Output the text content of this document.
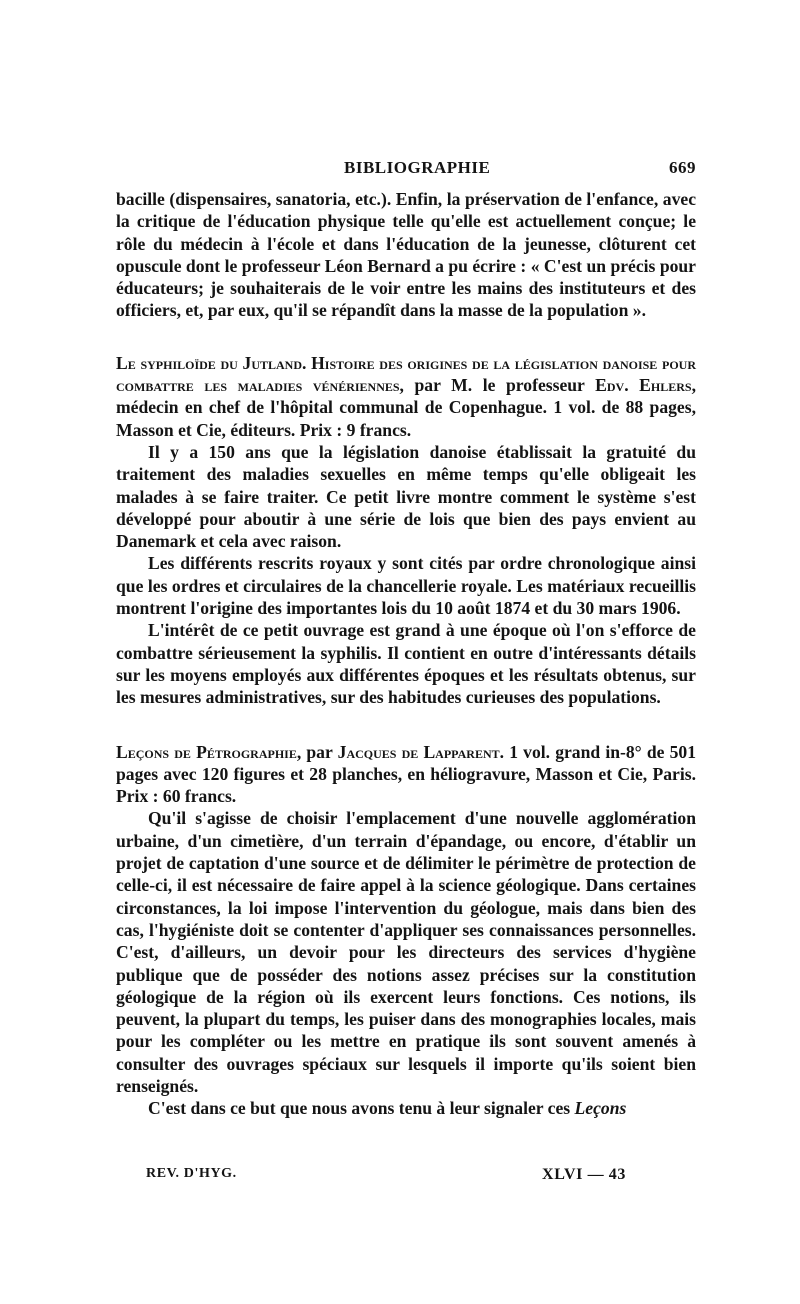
BIBLIOGRAPHIE	669

bacille (dispensaires, sanatoria, etc.). Enfin, la préservation de l'enfance, avec la critique de l'éducation physique telle qu'elle est actuellement conçue; le rôle du médecin à l'école et dans l'éducation de la jeunesse, clôturent cet opuscule dont le professeur Léon Bernard a pu écrire : « C'est un précis pour éducateurs; je souhaiterais de le voir entre les mains des instituteurs et des officiers, et, par eux, qu'il se répandît dans la masse de la population ».

Le syphiloïde du Jutland. Histoire des origines de la législation danoise pour combattre les maladies vénériennes, par M. le professeur Edv. Ehlers, médecin en chef de l'hôpital communal de Copenhague. 1 vol. de 88 pages, Masson et Cie, éditeurs. Prix : 9 francs.

Il y a 150 ans que la législation danoise établissait la gratuité du traitement des maladies sexuelles en même temps qu'elle obligeait les malades à se faire traiter. Ce petit livre montre comment le système s'est développé pour aboutir à une série de lois que bien des pays envient au Danemark et cela avec raison.

Les différents rescrits royaux y sont cités par ordre chronologique ainsi que les ordres et circulaires de la chancellerie royale. Les matériaux recueillis montrent l'origine des importantes lois du 10 août 1874 et du 30 mars 1906.

L'intérêt de ce petit ouvrage est grand à une époque où l'on s'efforce de combattre sérieusement la syphilis. Il contient en outre d'intéressants détails sur les moyens employés aux différentes époques et les résultats obtenus, sur les mesures administratives, sur des habitudes curieuses des populations.

Leçons de Pétrographie, par Jacques de Lapparent. 1 vol. grand in-8° de 501 pages avec 120 figures et 28 planches, en héliogravure, Masson et Cie, Paris. Prix : 60 francs.

Qu'il s'agisse de choisir l'emplacement d'une nouvelle agglomération urbaine, d'un cimetière, d'un terrain d'épandage, ou encore, d'établir un projet de captation d'une source et de délimiter le périmètre de protection de celle-ci, il est nécessaire de faire appel à la science géologique. Dans certaines circonstances, la loi impose l'intervention du géologue, mais dans bien des cas, l'hygiéniste doit se contenter d'appliquer ses connaissances personnelles. C'est, d'ailleurs, un devoir pour les directeurs des services d'hygiène publique que de posséder des notions assez précises sur la constitution géologique de la région où ils exercent leurs fonctions. Ces notions, ils peuvent, la plupart du temps, les puiser dans des monographies locales, mais pour les compléter ou les mettre en pratique ils sont souvent amenés à consulter des ouvrages spéciaux sur lesquels il importe qu'ils soient bien renseignés.

C'est dans ce but que nous avons tenu à leur signaler ces Leçons

REV. D'HYG.	XLVI — 43
